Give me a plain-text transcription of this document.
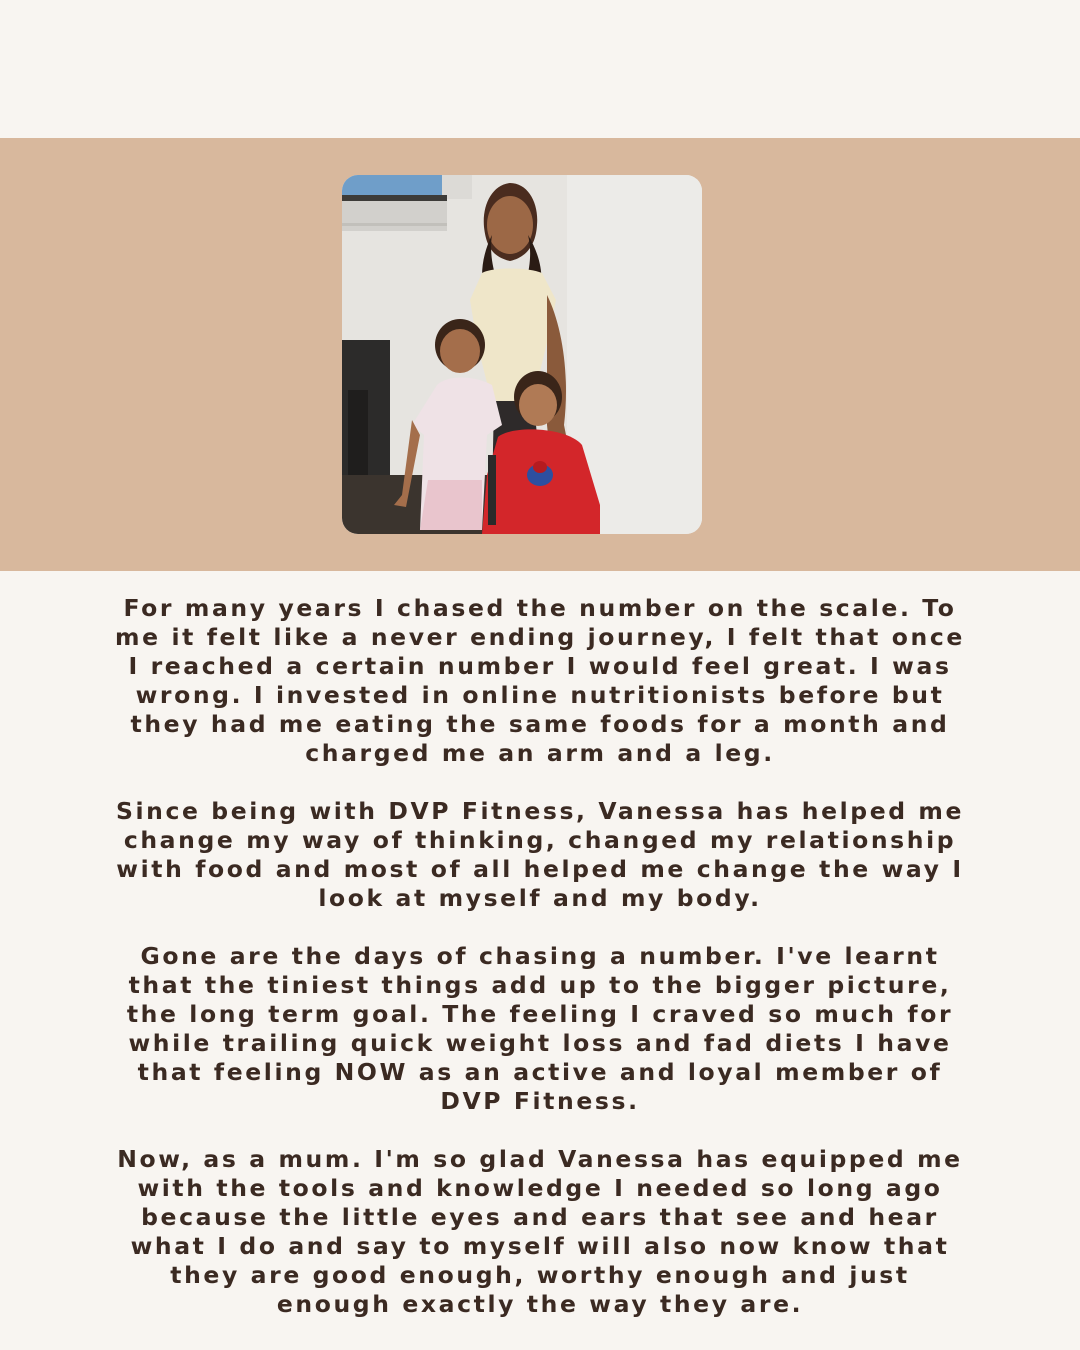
For many years I chased the number on the scale. To
me it felt like a never ending journey, I felt that once
I reached a certain number I would feel great. I was
wrong. I invested in online nutritionists before but
they had me eating the same foods for a month and
charged me an arm and a leg.

Since being with DVP Fitness, Vanessa has helped me
change my way of thinking, changed my relationship
with food and most of all helped me change the way I
look at myself and my body.

Gone are the days of chasing a number. I've learnt
that the tiniest things add up to the bigger picture,
the long term goal. The feeling I craved so much for
while trailing quick weight loss and fad diets I have
that feeling NOW as an active and loyal member of
DVP Fitness.

Now, as a mum. I'm so glad Vanessa has equipped me
with the tools and knowledge I needed so long ago
because the little eyes and ears that see and hear
what I do and say to myself will also now know that
they are good enough, worthy enough and just
enough exactly the way they are.
